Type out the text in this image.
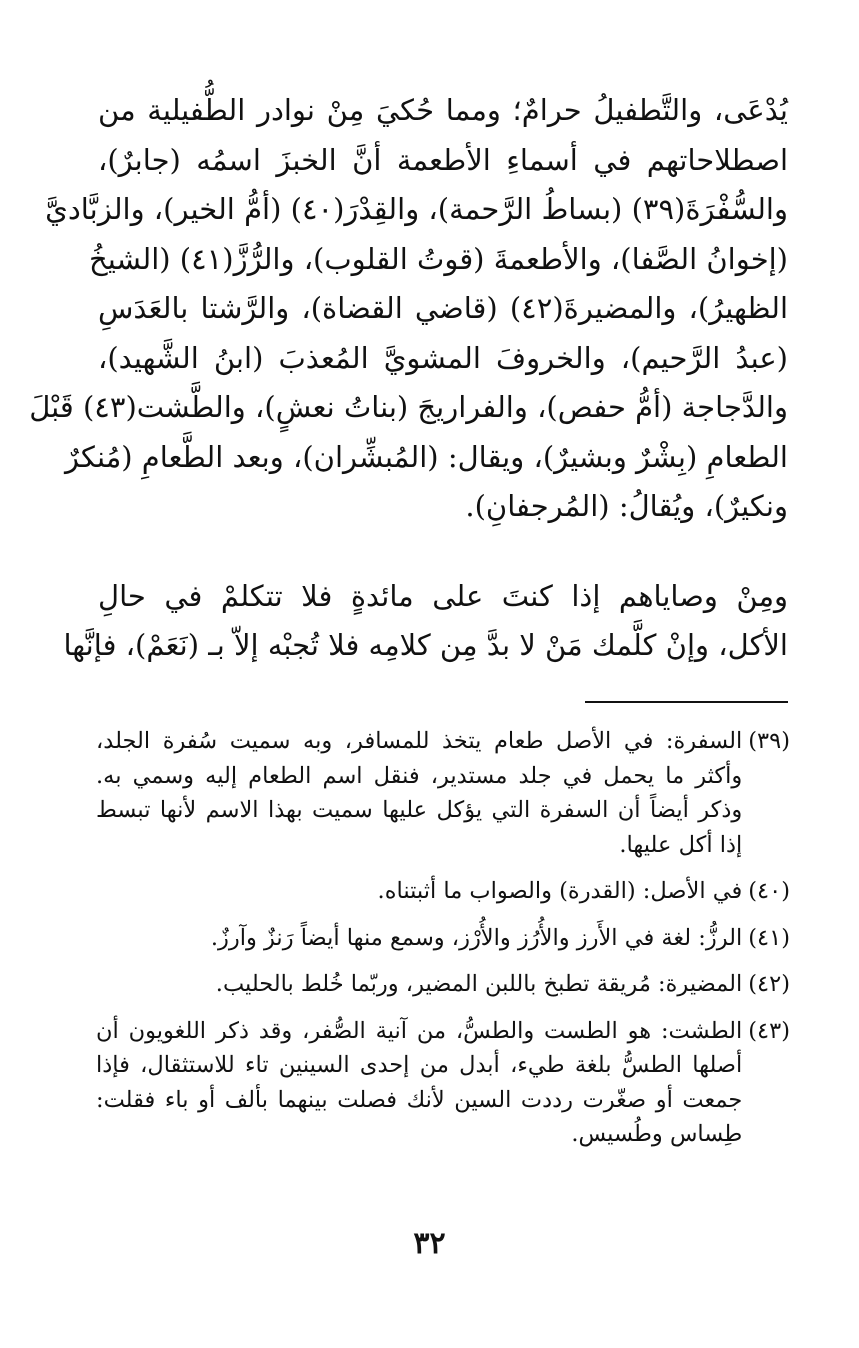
يُدْعَى، والتَّطفيلُ حرامٌ؛ ومما حُكيَ مِنْ نوادر الطُّفيلية من
اصطلاحاتهم في أسماءِ الأطعمة أنَّ الخبزَ اسمُه (جابرٌ)،
والسُّفْرَةَ(٣٩) (بساطُ الرَّحمة)، والقِدْرَ(٤٠) (أمُّ الخير)، والزبَّاديَّ
(إخوانُ الصَّفا)، والأطعمةَ (قوتُ القلوب)، والرُّزَّ(٤١) (الشيخُ
الظهيرُ)، والمضيرةَ(٤٢) (قاضي القضاة)، والرَّشتا بالعَدَسِ
(عبدُ الرَّحيم)، والخروفَ المشويَّ المُعذبَ (ابنُ الشَّهيد)،
والدَّجاجة (أمُّ حفص)، والفراريجَ (بناتُ نعشٍ)، والطَّشت(٤٣) قَبْلَ
الطعامِ (بِشْرٌ وبشيرٌ)، ويقال: (المُبشِّران)، وبعد الطَّعامِ (مُنكرٌ
ونكيرٌ)، ويُقالُ: (المُرجفانِ).

ومِنْ وصاياهم إذا كنتَ على مائدةٍ فلا تتكلمْ في حالِ
الأكل، وإنْ كلَّمك مَنْ لا بدَّ مِن كلامِه فلا تُجبْه إلاّ بـ (نَعَمْ)، فإنَّها

(٣٩)
السفرة: في الأصل طعام يتخذ للمسافر، وبه سميت سُفرة الجلد،
وأكثر ما يحمل في جلد مستدير، فنقل اسم الطعام إليه وسمي به.
وذكر أيضاً أن السفرة التي يؤكل عليها سميت بهذا الاسم لأنها تبسط
إذا أكل عليها.
(٤٠)
في الأصل: (القدرة) والصواب ما أثبتناه.
(٤١)
الرزُّ: لغة في الأَرز والأُرُز والأُرْز، وسمع منها أيضاً رَنزٌ وآرزٌ.
(٤٢)
المضيرة: مُريقة تطبخ باللبن المضير، وربّما خُلط بالحليب.
(٤٣)
الطشت: هو الطست والطسُّ، من آنية الصُّفر، وقد ذكر اللغويون أن
أصلها الطسُّ بلغة طيء، أبدل من إحدى السينين تاء للاستثقال، فإذا
جمعت أو صغّرت رددت السين لأنك فصلت بينهما بألف أو باء فقلت:
طِساس وطُسيس.
٣٢
